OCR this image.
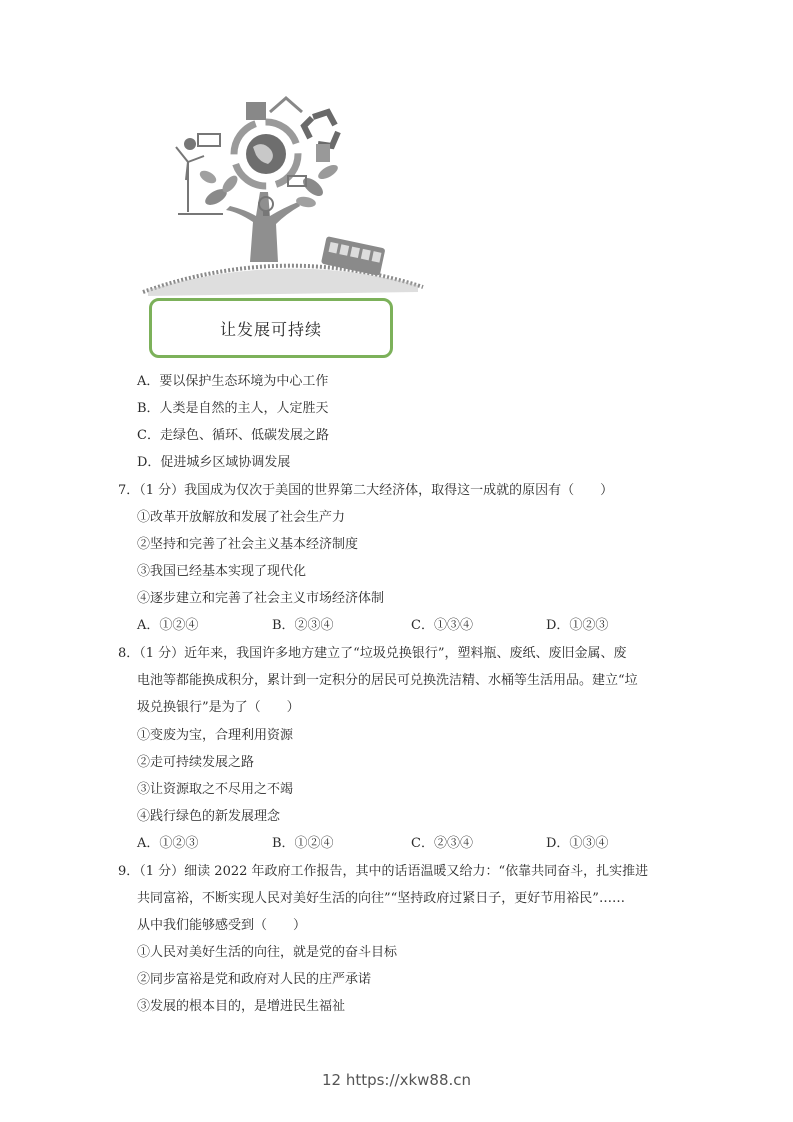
让发展可持续
A．要以保护生态环境为中心工作
B．人类是自然的主人，人定胜天
C．走绿色、循环、低碳发展之路
D．促进城乡区域协调发展
7．（1 分）我国成为仅次于美国的世界第二大经济体，取得这一成就的原因有（　　）
①改革开放解放和发展了社会生产力
②坚持和完善了社会主义基本经济制度
③我国已经基本实现了现代化
④逐步建立和完善了社会主义市场经济体制
A．①②④	B．②③④	C．①③④	D．①②③
8．（1 分）近年来，我国许多地方建立了“垃圾兑换银行”，塑料瓶、废纸、废旧金属、废
电池等都能换成积分，累计到一定积分的居民可兑换洗洁精、水桶等生活用品。建立“垃
圾兑换银行”是为了（　　）
①变废为宝，合理利用资源
②走可持续发展之路
③让资源取之不尽用之不竭
④践行绿色的新发展理念
A．①②③	B．①②④	C．②③④	D．①③④
9．（1 分）细读 2022 年政府工作报告，其中的话语温暖又给力：“依靠共同奋斗，扎实推进
共同富裕，不断实现人民对美好生活的向往”“坚持政府过紧日子，更好节用裕民”……
从中我们能够感受到（　　）
①人民对美好生活的向往，就是党的奋斗目标
②同步富裕是党和政府对人民的庄严承诺
③发展的根本目的，是增进民生福祉
12 https://xkw88.cn
